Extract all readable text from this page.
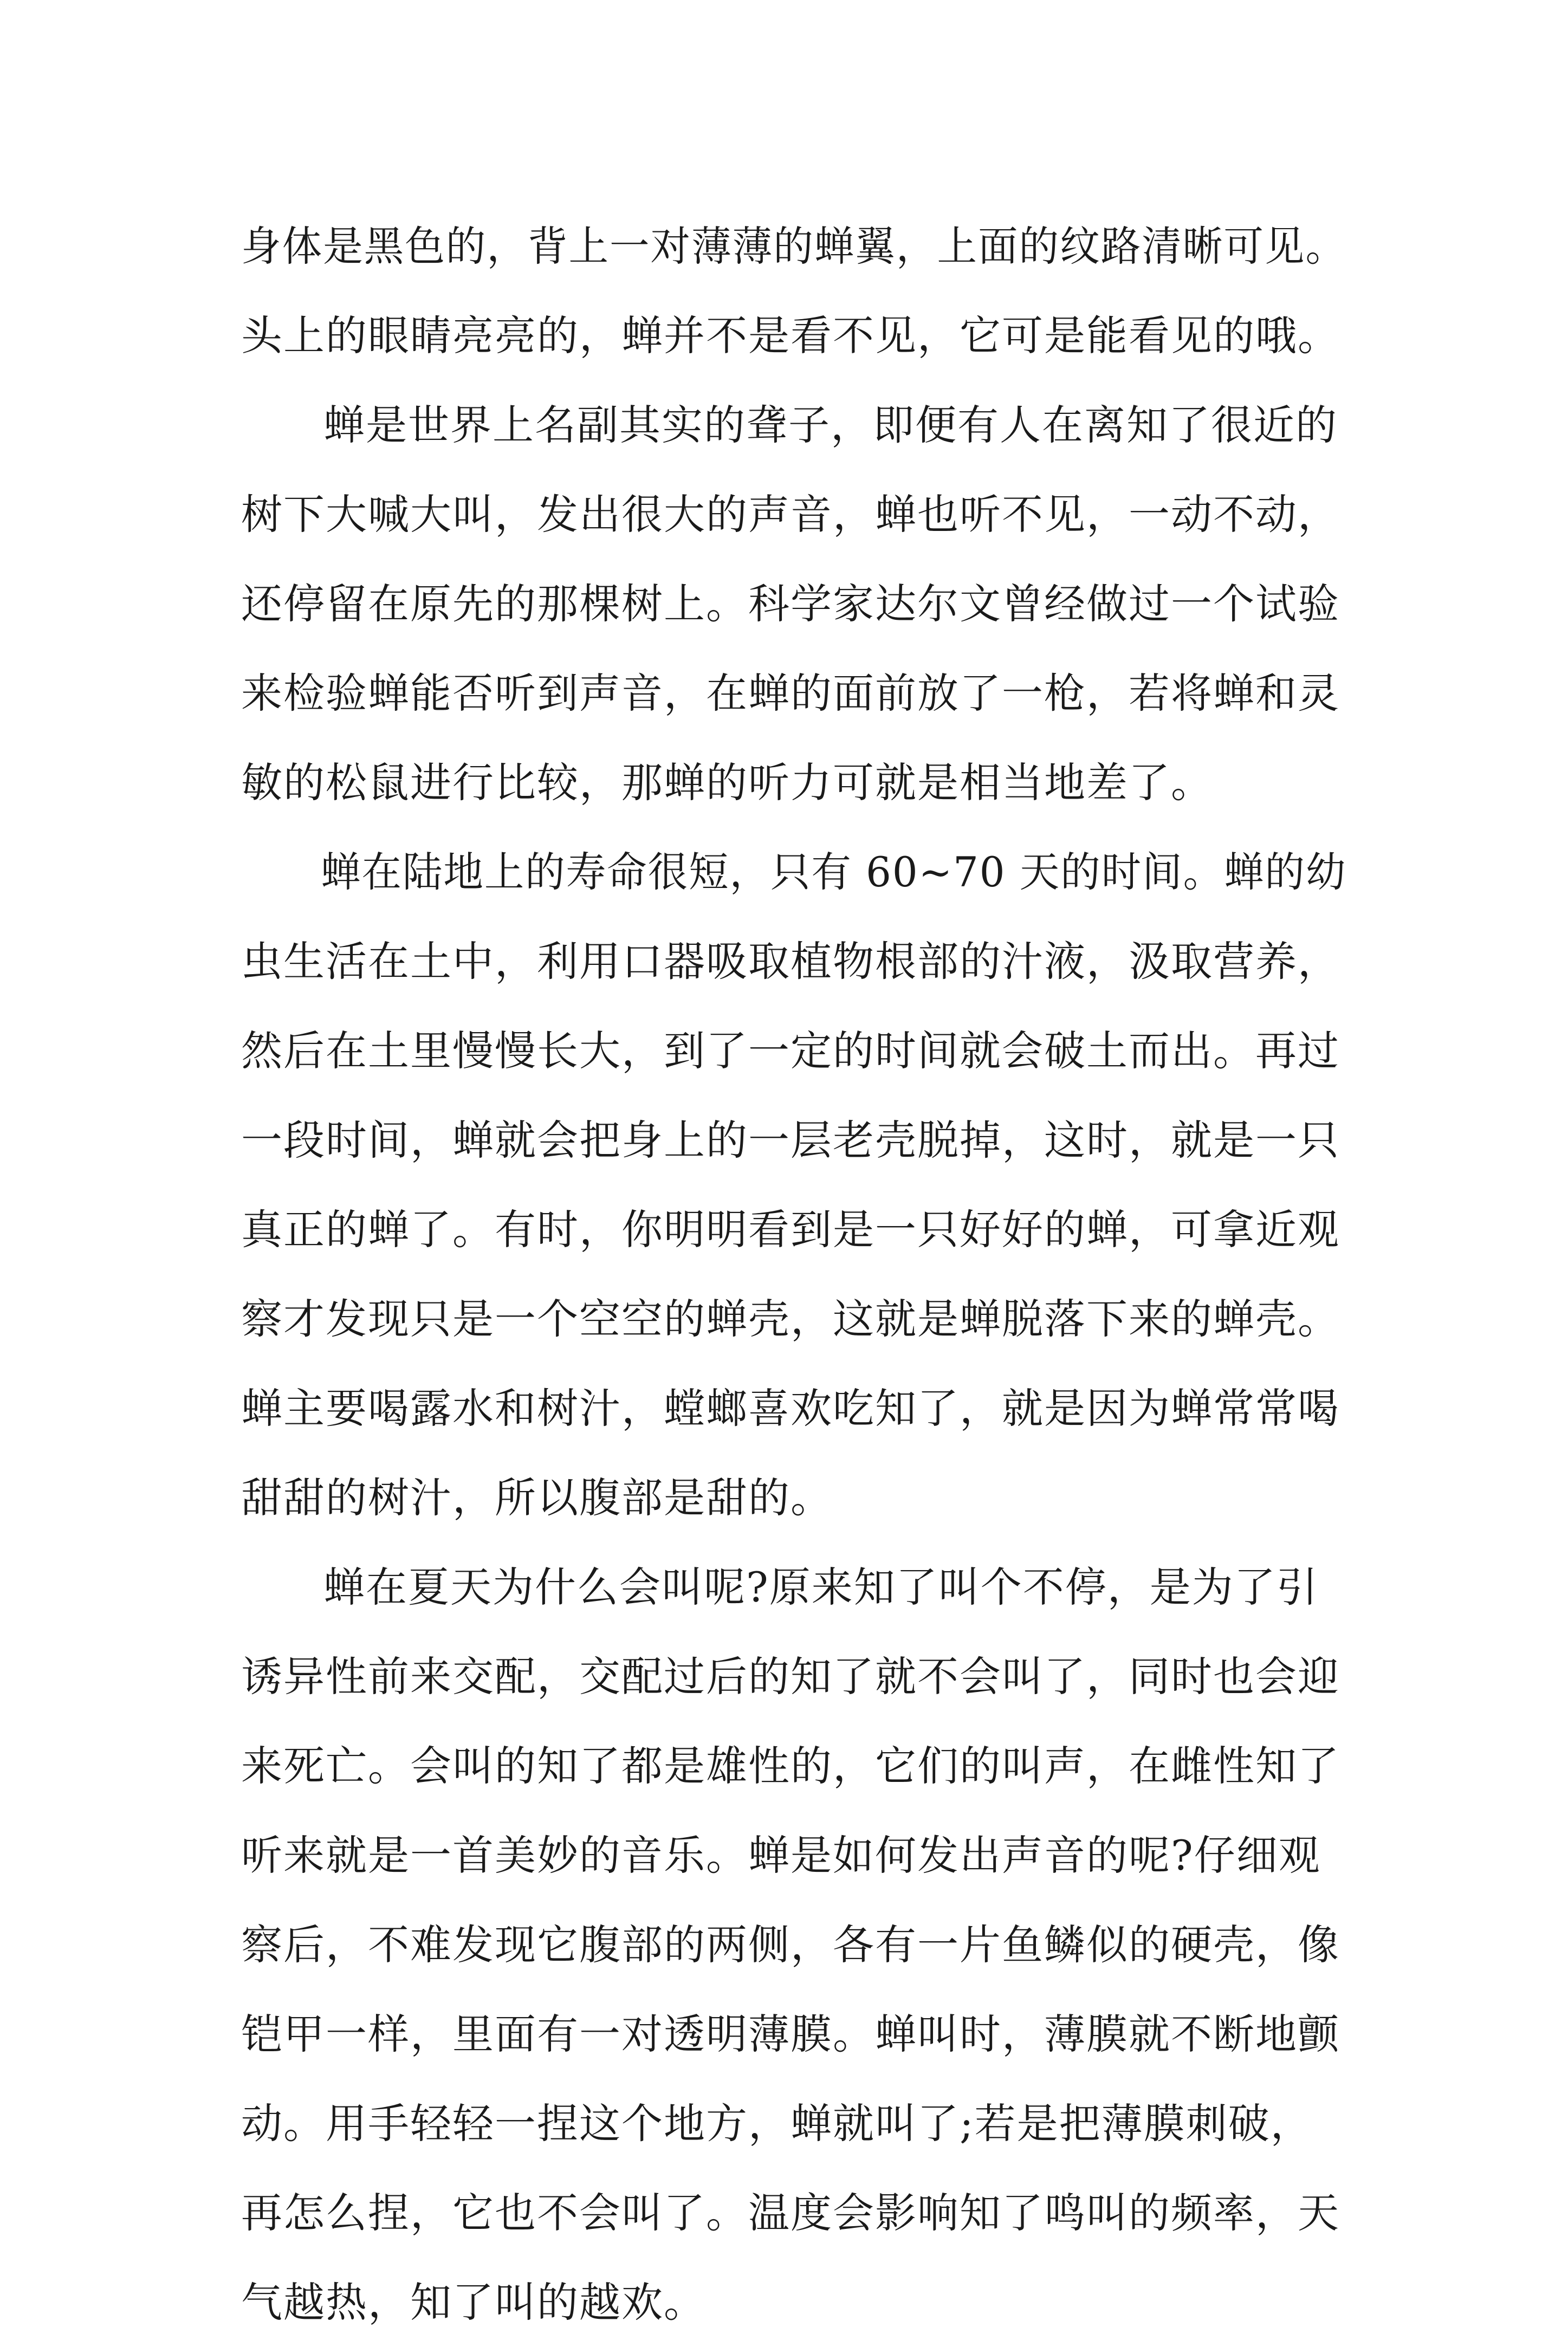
身体是黑色的，背上一对薄薄的蝉翼，上面的纹路清晰可见。
头上的眼睛亮亮的，蝉并不是看不见，它可是能看见的哦。
蝉是世界上名副其实的聋子，即便有人在离知了很近的
树下大喊大叫，发出很大的声音，蝉也听不见，一动不动，
还停留在原先的那棵树上。科学家达尔文曾经做过一个试验
来检验蝉能否听到声音，在蝉的面前放了一枪，若将蝉和灵
敏的松鼠进行比较，那蝉的听力可就是相当地差了。
蝉在陆地上的寿命很短，只有 60~70 天的时间。蝉的幼
虫生活在土中，利用口器吸取植物根部的汁液，汲取营养，
然后在土里慢慢长大，到了一定的时间就会破土而出。再过
一段时间，蝉就会把身上的一层老壳脱掉，这时，就是一只
真正的蝉了。有时，你明明看到是一只好好的蝉，可拿近观
察才发现只是一个空空的蝉壳，这就是蝉脱落下来的蝉壳。
蝉主要喝露水和树汁，螳螂喜欢吃知了，就是因为蝉常常喝
甜甜的树汁，所以腹部是甜的。
蝉在夏天为什么会叫呢?原来知了叫个不停，是为了引
诱异性前来交配，交配过后的知了就不会叫了，同时也会迎
来死亡。会叫的知了都是雄性的，它们的叫声，在雌性知了
听来就是一首美妙的音乐。蝉是如何发出声音的呢?仔细观
察后，不难发现它腹部的两侧，各有一片鱼鳞似的硬壳，像
铠甲一样，里面有一对透明薄膜。蝉叫时，薄膜就不断地颤
动。用手轻轻一捏这个地方，蝉就叫了;若是把薄膜刺破，
再怎么捏，它也不会叫了。温度会影响知了鸣叫的频率，天
气越热，知了叫的越欢。
